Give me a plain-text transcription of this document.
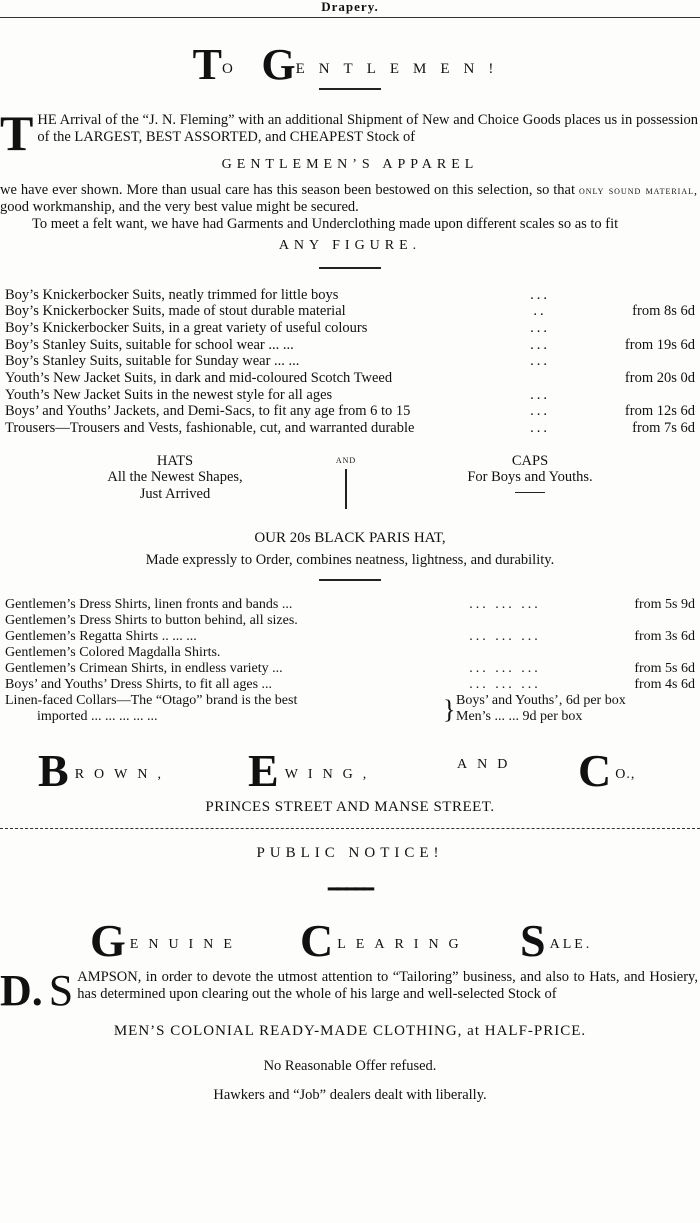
Drapery.
TO GENTLEMEN!
T HE Arrival of the “J. N. Fleming” with an additional Shipment of New and Choice Goods places us in possession of the LARGEST, BEST ASSORTED, and CHEAPEST Stock of
GENTLEMEN’S APPAREL
we have ever shown. More than usual care has this season been bestowed on this selection, so that only sound material, good workmanship, and the very best value might be secured.
To meet a felt want, we have had Garments and Underclothing made upon different scales so as to fit
ANY FIGURE.
Boy’s Knickerbocker Suits, neatly trimmed for little boys	...	
Boy’s Knickerbocker Suits, made of stout durable material	..	from 8s 6d
Boy’s Knickerbocker Suits, in a great variety of useful colours	...	
Boy’s Stanley Suits, suitable for school wear ... ...	...	from 19s 6d
Boy’s Stanley Suits, suitable for Sunday wear ... ...	...	
Youth’s New Jacket Suits, in dark and mid-coloured Scotch Tweed		from 20s 0d
Youth’s New Jacket Suits in the newest style for all ages	...	
Boys’ and Youths’ Jackets, and Demi-Sacs, to fit any age from 6 to 15	...	from 12s 6d
Trousers—Trousers and Vests, fashionable, cut, and warranted durable	...	from 7s 6d
HATS
All the Newest Shapes,
Just Arrived
and	CAPS
For Boys and Youths.
OUR 20s BLACK PARIS HAT,
Made expressly to Order, combines neatness, lightness, and durability.
Gentlemen’s Dress Shirts, linen fronts and bands ...	... ... ...	from 5s 9d
Gentlemen’s Dress Shirts to button behind, all sizes.		
Gentlemen’s Regatta Shirts .. ... ...	... ... ...	from 3s 6d
Gentlemen’s Colored Magdalla Shirts.		
Gentlemen’s Crimean Shirts, in endless variety ...	... ... ...	from 5s 6d
Boys’ and Youths’ Dress Shirts, to fit all ages ...	... ... ...	from 4s 6d
Linen-faced Collars—The “Otago” brand is the best
imported ... ... ... ... ...	} Boys’ and Youths’, 6d per box
Men’s ... ... 9d per box
BROWN, EWING,
AND CO.,
PRINCES STREET AND MANSE STREET.
PUBLIC NOTICE!
━━━━━
GENUINE CLEARING SALE.
D. S AMPSON, in order to devote the utmost attention to “Tailoring” business, and also to Hats, and Hosiery, has determined upon clearing out the whole of his large and well-selected Stock of
MEN’S COLONIAL READY-MADE CLOTHING, at HALF-PRICE.
No Reasonable Offer refused.
Hawkers and “Job” dealers dealt with liberally.
